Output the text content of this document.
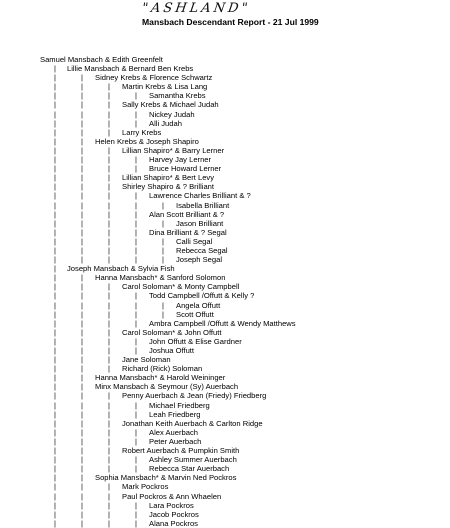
"ASHLAND"
Mansbach Descendant Report - 21 Jul 1999
Samuel Mansbach & Edith Greenfelt
| Lillie Mansbach & Bernard Ben Krebs
|	| Sidney Krebs & Florence Schwartz
|	|	| Martin Krebs & Lisa Lang
|	|	|	| Samantha Krebs
|	|	| Sally Krebs & Michael Judah
|	|	|	| Nickey Judah
|	|	|	| Alli Judah
|	|	| Larry Krebs
|	| Helen Krebs & Joseph Shapiro
|	|	| Lillian Shapiro* & Barry Lerner
|	|	|	| Harvey Jay Lerner
|	|	|	| Bruce Howard Lerner
|	|	| Lillian Shapiro* & Bert Levy
|	|	| Shirley Shapiro & ? Brilliant
|	|	|	| Lawrence Charles Brilliant & ?
|	|	|	|	| Isabella Brilliant
|	|	|	| Alan Scott Brilliant & ?
|	|	|	|	| Jason Brilliant
|	|	|	| Dina Brilliant & ? Segal
|	|	|	|	| Calli Segal
|	|	|	|	| Rebecca Segal
|	|	|	|	| Joseph Segal
| Joseph Mansbach & Sylvia Fish
|	| Hanna Mansbach* & Sanford Solomon
|	|	| Carol Soloman* & Monty Campbell
|	|	|	| Todd Campbell /Offutt & Kelly ?
|	|	|	|	| Angela Offutt
|	|	|	|	| Scott Offutt
|	|	|	| Ambra Campbell /Offutt & Wendy Matthews
|	|	| Carol Soloman* & John Offutt
|	|	|	| John Offutt & Elise Gardner
|	|	|	| Joshua Offutt
|	|	| Jane Soloman
|	|	| Richard (Rick) Soloman
|	| Hanna Mansbach* & Harold Weininger
|	| Minx Mansbach & Seymour (Sy) Auerbach
|	|	| Penny Auerbach & Jean (Friedy) Friedberg
|	|	|	| Michael Friedberg
|	|	|	| Leah Friedberg
|	|	| Jonathan Keith Auerbach & Carlton Ridge
|	|	|	| Alex Auerbach
|	|	|	| Peter Auerbach
|	|	| Robert Auerbach & Pumpkin Smith
|	|	|	| Ashley Summer Auerbach
|	|	|	| Rebecca Star Auerbach
|	| Sophia Mansbach* & Marvin Ned Pockros
|	|	| Mark Pockros
|	|	| Paul Pockros & Ann Whaelen
|	|	|	| Lara Pockros
|	|	|	| Jacob Pockros
|	|	|	| Alana Pockros
